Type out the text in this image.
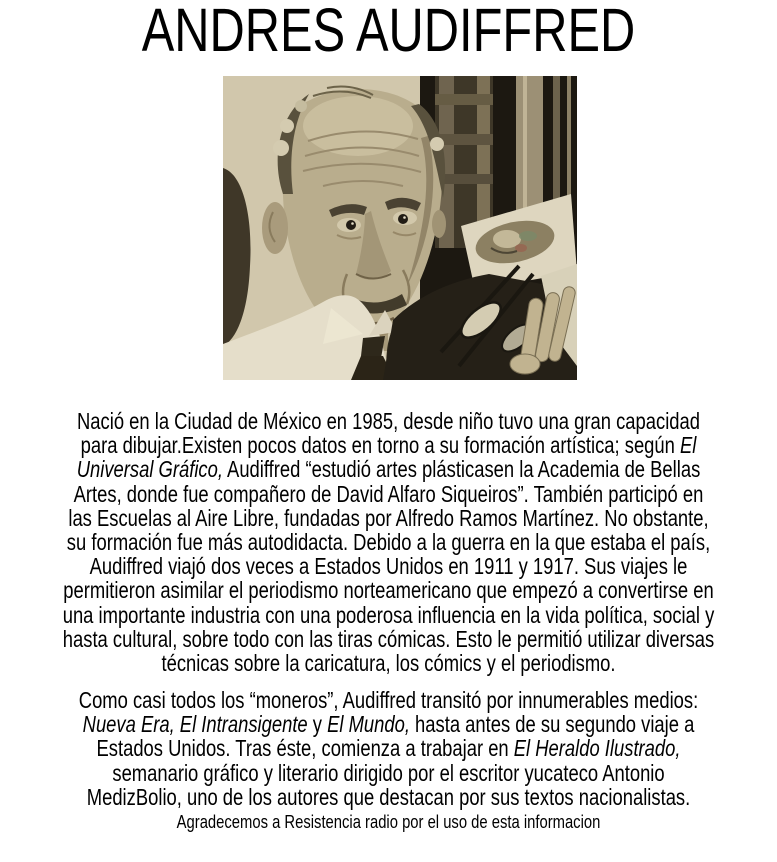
ANDRES AUDIFFRED
Nació en la Ciudad de México en 1985, desde niño tuvo una gran capacidad
para dibujar.Existen pocos datos en torno a su formación artística; según El
Universal Gráfico, Audiffred “estudió artes plásticasen la Academia de Bellas
Artes, donde fue compañero de David Alfaro Siqueiros”. También participó en
las Escuelas al Aire Libre, fundadas por Alfredo Ramos Martínez. No obstante,
su formación fue más autodidacta. Debido a la guerra en la que estaba el país,
Audiffred viajó dos veces a Estados Unidos en 1911 y 1917. Sus viajes le
permitieron asimilar el periodismo norteamericano que empezó a convertirse en
una importante industria con una poderosa influencia en la vida política, social y
hasta cultural, sobre todo con las tiras cómicas. Esto le permitió utilizar diversas
técnicas sobre la caricatura, los cómics y el periodismo.
Como casi todos los “moneros”, Audiffred transitó por innumerables medios:
Nueva Era, El Intransigente y El Mundo, hasta antes de su segundo viaje a
Estados Unidos. Tras éste, comienza a trabajar en El Heraldo Ilustrado,
semanario gráfico y literario dirigido por el escritor yucateco Antonio
MedizBolio, uno de los autores que destacan por sus textos nacionalistas.
Agradecemos a Resistencia radio por el uso de esta informacion
